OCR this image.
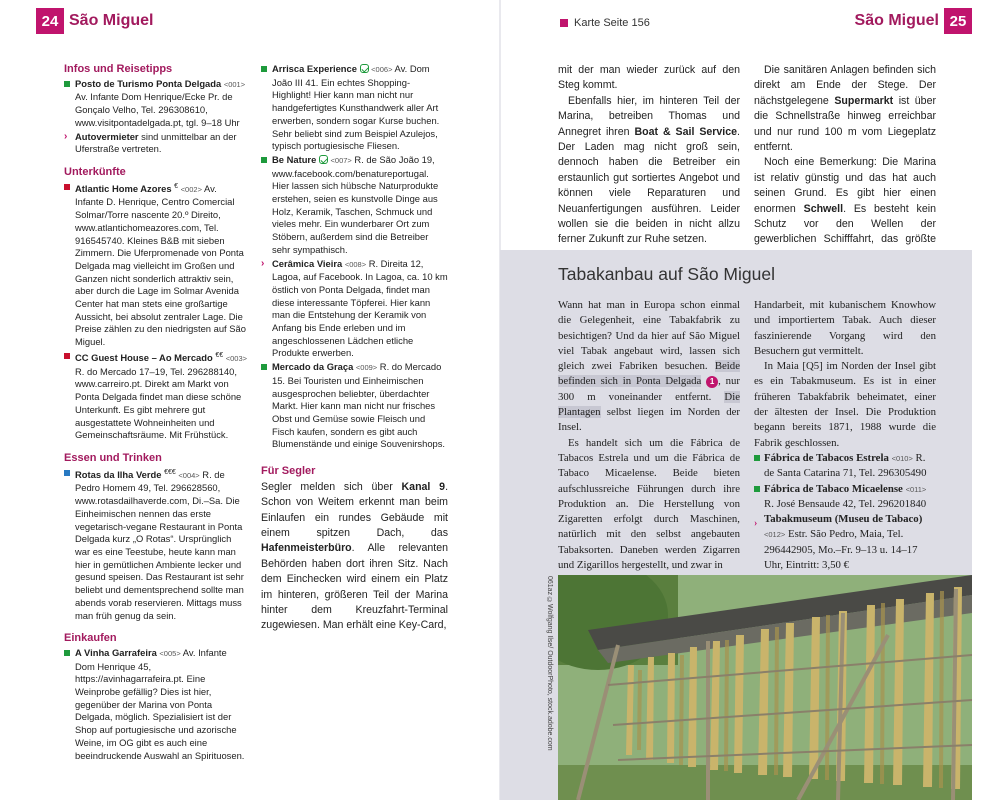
24 São Miguel
Infos und Reisetipps
Posto de Turismo Ponta Delgada <001> Av. Infante Dom Henrique/Ecke Pr. de Gonçalo Velho, Tel. 296308610, www.visitpontadelgada.pt, tgl. 9–18 Uhr
› Autovermieter sind unmittelbar an der Uferstraße vertreten.
Unterkünfte
Atlantic Home Azores € <002> Av. Infante D. Henrique, Centro Comercial Solmar/Torre nascente 20.º Direito, www.atlantichomeazores.com, Tel. 916545740. Kleines B&B mit sieben Zimmern. Die Uferpromenade von Ponta Delgada mag vielleicht im Großen und Ganzen nicht sonderlich attraktiv sein, aber durch die Lage im Solmar Avenida Center hat man stets eine großartige Aussicht, bei absolut zentraler Lage. Die Preise zählen zu den niedrigsten auf São Miguel.
CC Guest House – Ao Mercado €€ <003> R. do Mercado 17–19, Tel. 296288140, www.carreiro.pt. Direkt am Markt von Ponta Delgada findet man diese schöne Unterkunft. Es gibt mehrere gut ausgestattete Wohneinheiten und Gemeinschaftsräume. Mit Frühstück.
Essen und Trinken
Rotas da Ilha Verde €€€ <004> R. de Pedro Homem 49, Tel. 296628560, www.rotasdailhaverde.com, Di.–Sa. Die Einheimischen nennen das erste vegetarisch-vegane Restaurant in Ponta Delgada kurz „O Rotas“. Ursprünglich war es eine Teestube, heute kann man hier in gemütlichen Ambiente lecker und gesund speisen. Das Restaurant ist sehr beliebt und dementsprechend sollte man abends vorab reservieren. Mittags muss man früh genug da sein.
Einkaufen
A Vinha Garrafeira <005> Av. Infante Dom Henrique 45, https://avinhagarrafeira.pt. Eine Weinprobe gefällig? Dies ist hier, gegenüber der Marina von Ponta Delgada, möglich. Spezialisiert ist der Shop auf portugiesische und azorische Weine, im OG gibt es auch eine beeindruckende Auswahl an Spirituosen.
Arrisca Experience <006> Av. Dom João III 41. Ein echtes Shopping-Highlight! Hier kann man nicht nur handgefertigtes Kunsthandwerk aller Art erwerben, sondern sogar Kurse buchen. Sehr beliebt sind zum Beispiel Azulejos, typisch portugiesische Fliesen.
Be Nature <007> R. de São João 19, www.facebook.com/benatureportugal. Hier lassen sich hübsche Naturprodukte erstehen, seien es kunstvolle Dinge aus Holz, Keramik, Taschen, Schmuck und vieles mehr. Ein wunderbarer Ort zum Stöbern, außerdem sind die Betreiber sehr sympathisch.
› Cerâmica Vieira <008> R. Direita 12, Lagoa, auf Facebook. In Lagoa, ca. 10 km östlich von Ponta Delgada, findet man diese interessante Töpferei. Hier kann man die Entstehung der Keramik von Anfang bis Ende erleben und im angeschlossenen Lädchen etliche Produkte erwerben.
Mercado da Graça <009> R. do Mercado 15. Bei Touristen und Einheimischen ausgesprochen beliebter, überdachter Markt. Hier kann man nicht nur frisches Obst und Gemüse sowie Fleisch und Fisch kaufen, sondern es gibt auch Blumenstände und einige Souvenirshops.
Für Segler

Segler melden sich über Kanal 9. Schon von Weitem erkennt man beim Einlaufen ein rundes Gebäude mit einem spitzen Dach, das Hafenmeisterbüro. Alle relevanten Behörden haben dort ihren Sitz. Nach dem Einchecken wird einem ein Platz im hinteren, größeren Teil der Marina hinter dem Kreuzfahrt-Terminal zugewiesen. Man erhält eine Key-Card,

Karte Seite 156	São Miguel 25

mit der man wieder zurück auf den Steg kommt.

Ebenfalls hier, im hinteren Teil der Marina, betreiben Thomas und Annegret ihren Boat & Sail Service. Der Laden mag nicht groß sein, dennoch haben die Betreiber ein erstaunlich gut sortiertes Angebot und können viele Reparaturen und Neuanfertigungen ausführen. Leider wollen sie die beiden in nicht allzu ferner Zukunft zur Ruhe setzen.

Die sanitären Anlagen befinden sich direkt am Ende der Stege. Der nächstgelegene Supermarkt ist über die Schnellstraße hinweg erreichbar und nur rund 100 m vom Liegeplatz entfernt.

Noch eine Bemerkung: Die Marina ist relativ günstig und das hat auch seinen Grund. Es gibt hier einen enormen Schwell. Es besteht kein Schutz vor den Wellen der gewerblichen Schifffahrt, das größte

Tabakanbau auf São Miguel

Wann hat man in Europa schon einmal die Gelegenheit, eine Tabakfabrik zu besichtigen? Und da hier auf São Miguel viel Tabak angebaut wird, lassen sich gleich zwei Fabriken besuchen. Beide befinden sich in Ponta Delgada 1 , nur 300 m voneinander entfernt. Die Plantagen selbst liegen im Norden der Insel.

Es handelt sich um die Fábrica de Tabacos Estrela und um die Fábrica de Tabaco Micaelense. Beide bieten aufschlussreiche Führungen durch ihre Produktion an. Die Herstellung von Zigaretten erfolgt durch Maschinen, natürlich mit den selbst angebauten Tabaksorten. Daneben werden Zigarren und Zigarillos hergestellt, und zwar in

Handarbeit, mit kubanischem Knowhow und importiertem Tabak. Auch dieser faszinierende Vorgang wird den Besuchern gut vermittelt.

In Maia [Q5] im Norden der Insel gibt es ein Tabakmuseum. Es ist in einer früheren Tabakfabrik beheimatet, einer der ältesten der Insel. Die Produktion begann bereits 1871, 1988 wurde die Fabrik geschlossen.

Fábrica de Tabacos Estrela <010> R. de Santa Catarina 71, Tel. 296305490
Fábrica de Tabaco Micaelense <011> R. José Bensaude 42, Tel. 296201840
› Tabakmuseum (Museu de Tabaco) <012> Estr. São Pedro, Maia, Tel. 296442905, Mo.–Fr. 9–13 u. 14–17 Uhr, Eintritt: 3,50 €
061az ©Wolfgang Ilse/ OutdoorPhoto, stock.adobe.com
